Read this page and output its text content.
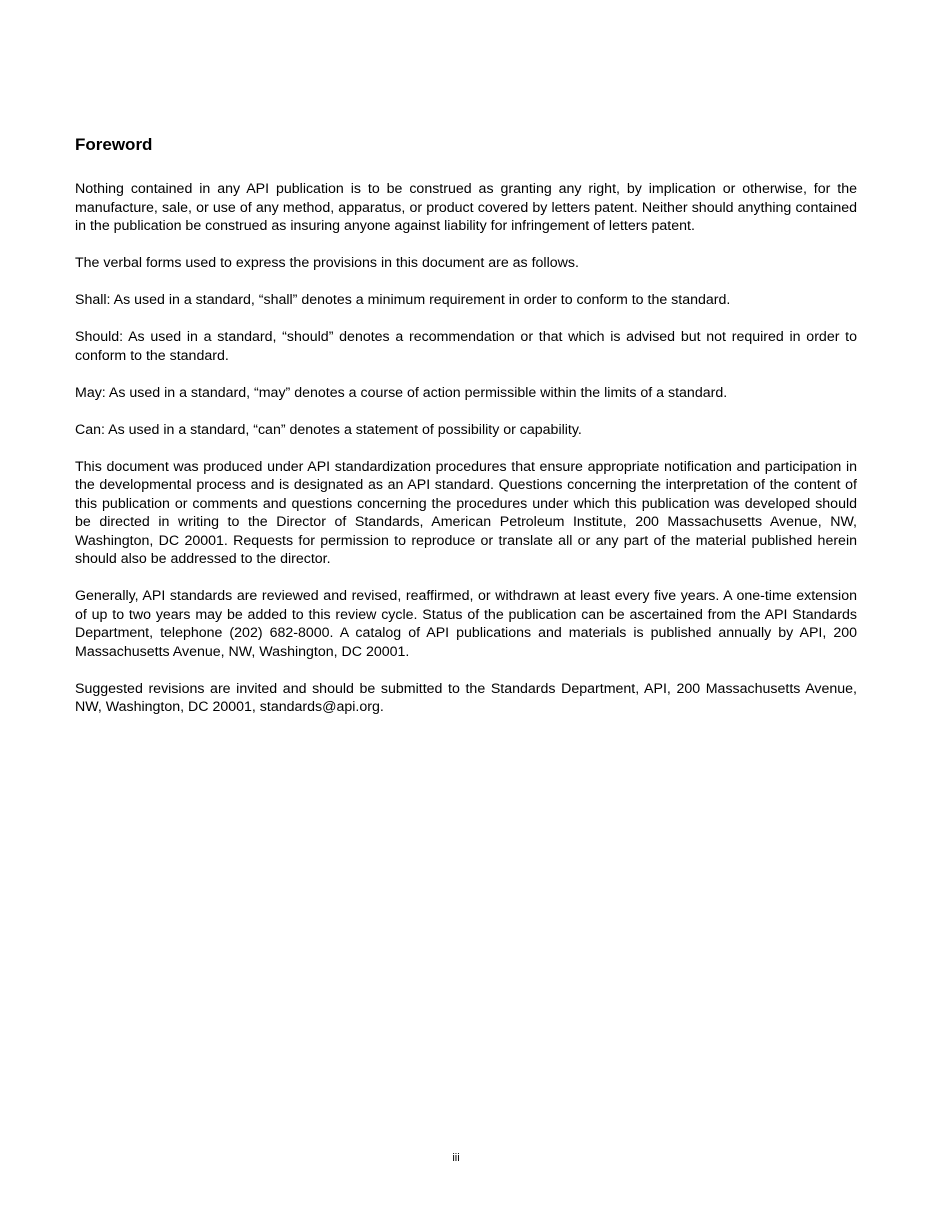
Foreword

Nothing contained in any API publication is to be construed as granting any right, by implication or otherwise, for the manufacture, sale, or use of any method, apparatus, or product covered by letters patent. Neither should anything contained in the publication be construed as insuring anyone against liability for infringement of letters patent.

The verbal forms used to express the provisions in this document are as follows.

Shall: As used in a standard, “shall” denotes a minimum requirement in order to conform to the standard.

Should: As used in a standard, “should” denotes a recommendation or that which is advised but not required in order to conform to the standard.

May: As used in a standard, “may” denotes a course of action permissible within the limits of a standard.

Can: As used in a standard, “can” denotes a statement of possibility or capability.

This document was produced under API standardization procedures that ensure appropriate notification and participation in the developmental process and is designated as an API standard. Questions concerning the interpretation of the content of this publication or comments and questions concerning the procedures under which this publication was developed should be directed in writing to the Director of Standards, American Petroleum Institute, 200 Massachusetts Avenue, NW, Washington, DC 20001. Requests for permission to reproduce or translate all or any part of the material published herein should also be addressed to the director.

Generally, API standards are reviewed and revised, reaffirmed, or withdrawn at least every five years. A one-time extension of up to two years may be added to this review cycle. Status of the publication can be ascertained from the API Standards Department, telephone (202) 682-8000. A catalog of API publications and materials is published annually by API, 200 Massachusetts Avenue, NW, Washington, DC 20001.

Suggested revisions are invited and should be submitted to the Standards Department, API, 200 Massachusetts Avenue, NW, Washington, DC 20001, standards@api.org.

iii
